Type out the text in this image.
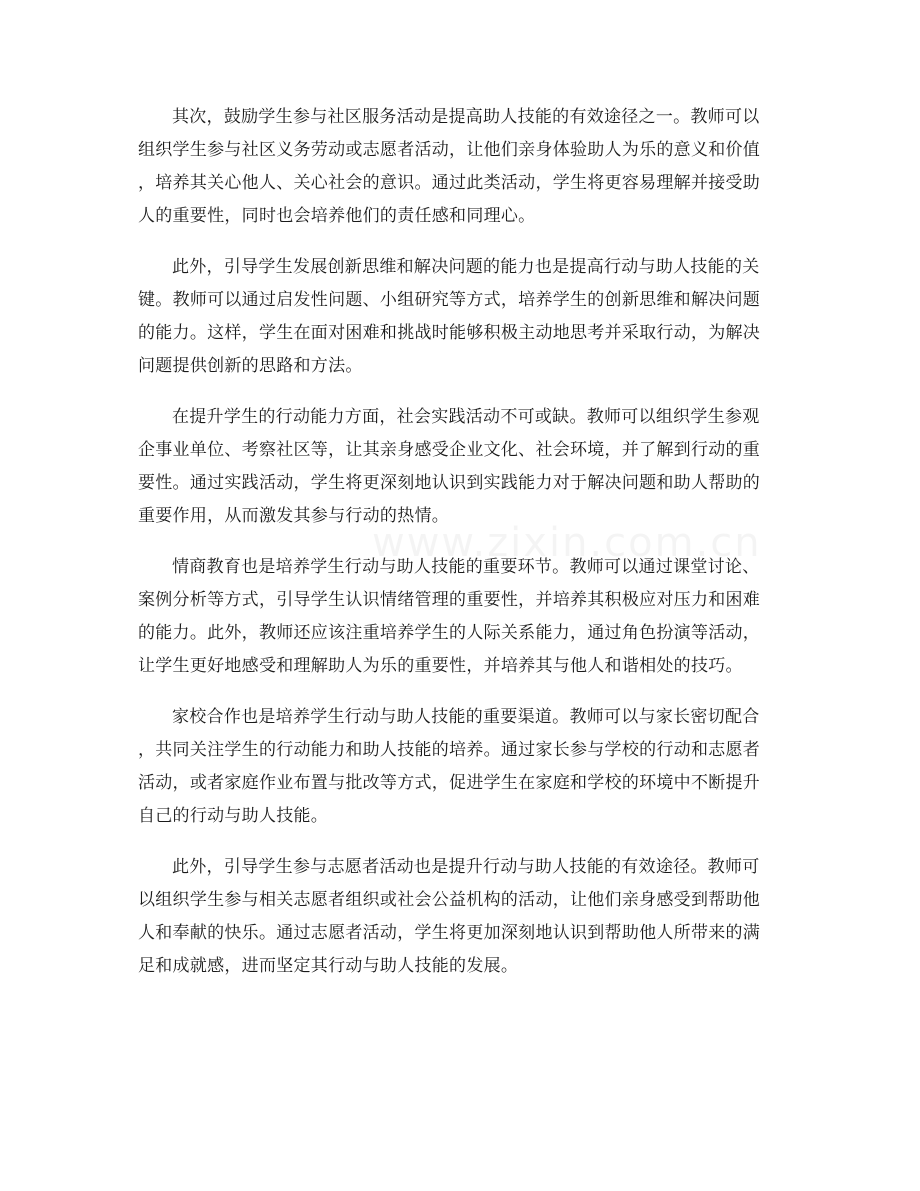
其次，鼓励学生参与社区服务活动是提高助人技能的有效途径之一。教师可以
组织学生参与社区义务劳动或志愿者活动，让他们亲身体验助人为乐的意义和价值
，培养其关心他人、关心社会的意识。通过此类活动，学生将更容易理解并接受助
人的重要性，同时也会培养他们的责任感和同理心。

此外，引导学生发展创新思维和解决问题的能力也是提高行动与助人技能的关
键。教师可以通过启发性问题、小组研究等方式，培养学生的创新思维和解决问题
的能力。这样，学生在面对困难和挑战时能够积极主动地思考并采取行动，为解决
问题提供创新的思路和方法。

在提升学生的行动能力方面，社会实践活动不可或缺。教师可以组织学生参观
企事业单位、考察社区等，让其亲身感受企业文化、社会环境，并了解到行动的重
要性。通过实践活动，学生将更深刻地认识到实践能力对于解决问题和助人帮助的
重要作用，从而激发其参与行动的热情。

情商教育也是培养学生行动与助人技能的重要环节。教师可以通过课堂讨论、
案例分析等方式，引导学生认识情绪管理的重要性，并培养其积极应对压力和困难
的能力。此外，教师还应该注重培养学生的人际关系能力，通过角色扮演等活动，
让学生更好地感受和理解助人为乐的重要性，并培养其与他人和谐相处的技巧。

家校合作也是培养学生行动与助人技能的重要渠道。教师可以与家长密切配合
，共同关注学生的行动能力和助人技能的培养。通过家长参与学校的行动和志愿者
活动，或者家庭作业布置与批改等方式，促进学生在家庭和学校的环境中不断提升
自己的行动与助人技能。

此外，引导学生参与志愿者活动也是提升行动与助人技能的有效途径。教师可
以组织学生参与相关志愿者组织或社会公益机构的活动，让他们亲身感受到帮助他
人和奉献的快乐。通过志愿者活动，学生将更加深刻地认识到帮助他人所带来的满
足和成就感，进而坚定其行动与助人技能的发展。
